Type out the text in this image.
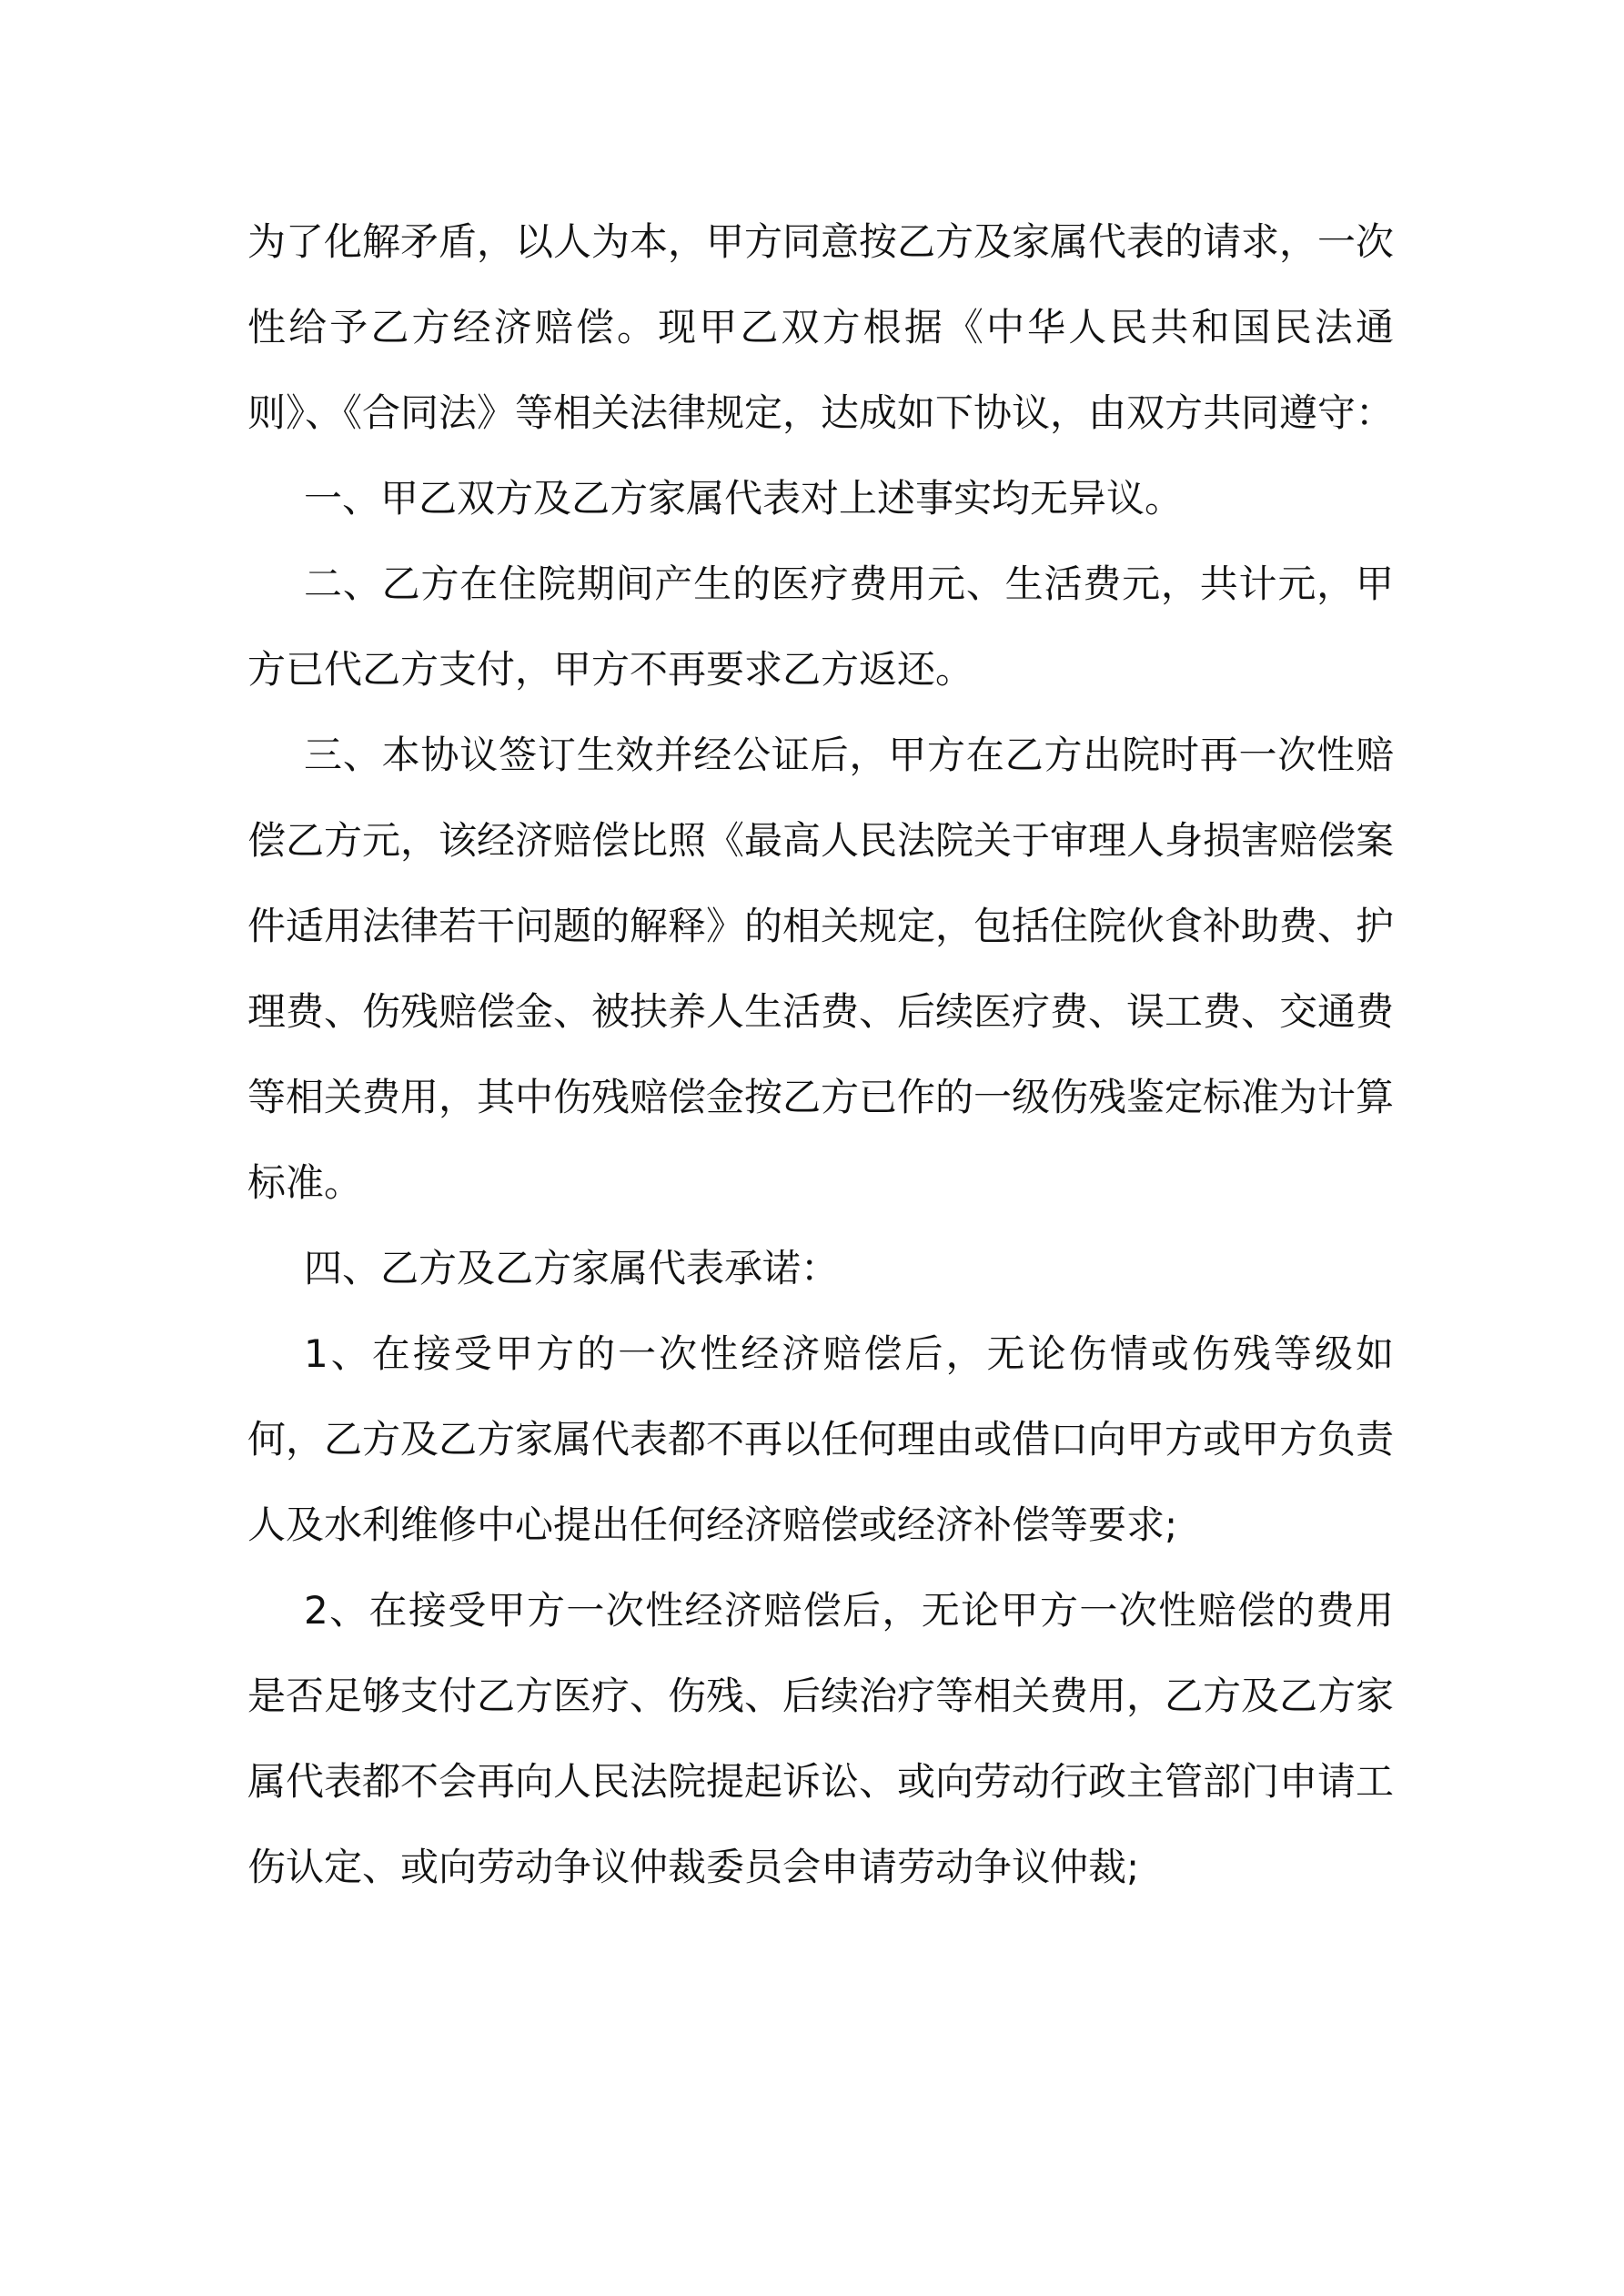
为了化解矛盾，以人为本，甲方同意按乙方及家属代表的请求，一次性给予乙方经济赔偿。现甲乙双方根据《中华人民共和国民法通则》、《合同法》等相关法律规定，达成如下协议，由双方共同遵守：

一、甲乙双方及乙方家属代表对上述事实均无异议。

二、乙方在住院期间产生的医疗费用元、生活费元，共计元，甲方已代乙方支付，甲方不再要求乙方返还。

三、本协议签订生效并经公证后，甲方在乙方出院时再一次性赔偿乙方元，该经济赔偿比照《最高人民法院关于审理人身损害赔偿案件适用法律若干问题的解释》的相关规定，包括住院伙食补助费、护理费、伤残赔偿金、被扶养人生活费、后续医疗费、误工费、交通费等相关费用，其中伤残赔偿金按乙方已作的一级伤残鉴定标准为计算标准。

四、乙方及乙方家属代表承诺：

1、在接受甲方的一次性经济赔偿后，无论伤情或伤残等级如何，乙方及乙方家属代表都不再以任何理由或借口向甲方或甲方负责人及水利维修中心提出任何经济赔偿或经济补偿等要求;

2、在接受甲方一次性经济赔偿后，无论甲方一次性赔偿的费用是否足够支付乙方医疗、伤残、后续治疗等相关费用，乙方及乙方家属代表都不会再向人民法院提起诉讼、或向劳动行政主管部门申请工伤认定、或向劳动争议仲裁委员会申请劳动争议仲裁;
